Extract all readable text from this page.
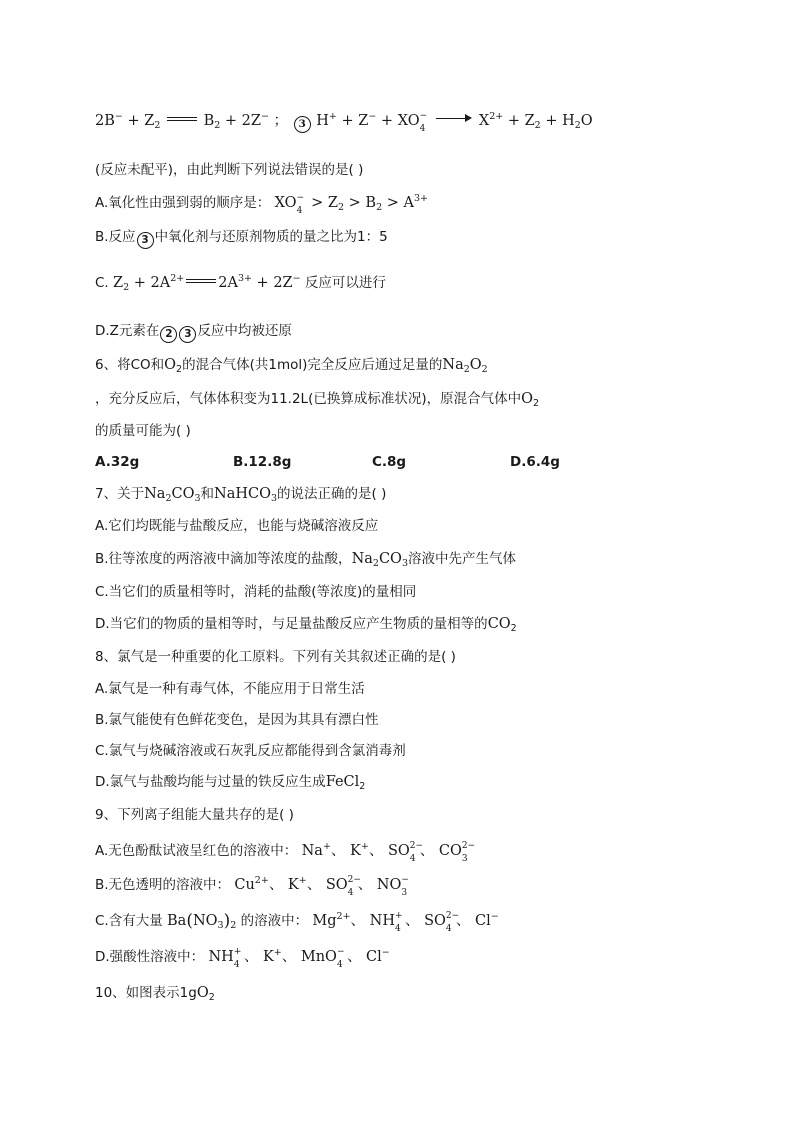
$2B^- + Z_2$	$B_2 + 2Z^-$ ； 3 H+ + Z− + XO −
4	$X^{2+} + Z_2 + H_2O$
(反应未配平)，由此判断下列说法错误的是( )
A.氧化性由强到弱的顺序是： XO −
$4 > Z_2 > B_2 > A^{3+}$
B.反应 3 中氧化剂与还原剂物质的量之比为1：5
C. $Z_2 + 2A^{2+}$ $2A^{3+} + 2Z^-$ 反应可以进行
D.Z元素在 2 3 反应中均被还原
6、将CO和$O_2$的混合气体(共1mol)完全反应后通过足量的$Na_2O_2$
，充分反应后，气体体积变为11.2L(已换算成标准状况)，原混合气体中$O_2$
的质量可能为( )
A.32g	B.12.8g	C.8g	D.6.4g
7、关于$Na_2CO_3$和NaHCO$_3$的说法正确的是( )
A.它们均既能与盐酸反应，也能与烧碱溶液反应
B.往等浓度的两溶液中滴加等浓度的盐酸，$Na_2CO_3$溶液中先产生气体
C.当它们的质量相等时，消耗的盐酸(等浓度)的量相同
D.当它们的物质的量相等时，与足量盐酸反应产生物质的量相等的$CO_2$
8、氯气是一种重要的化工原料。下列有关其叙述正确的是( )
A.氯气是一种有毒气体，不能应用于日常生活
B.氯气能使有色鲜花变色，是因为其具有漂白性
C.氯气与烧碱溶液或石灰乳反应都能得到含氯消毒剂
D.氯气与盐酸均能与过量的铁反应生成FeCl$_2$
9、下列离子组能大量共存的是( )
A.无色酚酞试液呈红色的溶液中： Na+、 K+、 SO 2−
4 、 CO 2−
3
B.无色透明的溶液中： $Cu^{2+}$、 K+、 SO 2−
4 、 NO −
3
C.含有大量 $Ba(NO_3)_2$ 的溶液中： $Mg^{2+}$、 NH +
4 、 SO 2−
4 、 Cl−
D.强酸性溶液中： NH +
4 、 K+、 MnO −
4 、 Cl−
10、如图表示$1gO_2$
